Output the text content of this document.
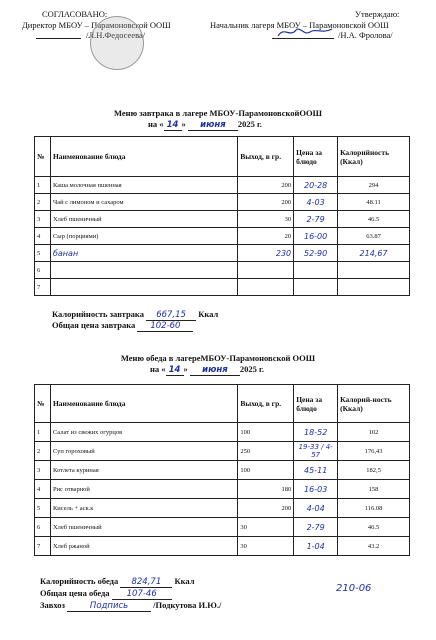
СОГЛАСОВАНО:
Директор МБОУ – Парамоновской ООШ
/Л.Н.Федосеева/
Утверждаю:
Начальник лагеря МБОУ – Парамоновской ООШ
/Н.А. Фролова/
Меню завтрака в лагере МБОУ-ПарамоновскойООШ
на « 14 » июня 2025 г.
№	Наименование блюда	Выход, в гр.	Цена за блюдо	Калорийность (Ккал)
1	Каша молочная пшенная	200	20-28	294
2	Чай с лимоном и сахаром	200	4-03	48.11
3	Хлеб пшеничный	30	2-79	46.5
4	Сыр (порциями)	20	16-00	63.87
5	банан	230	52-90	214,67
6				
7				
Калорийность завтрака 667,15 Ккал
Общая цена завтрака 102-60
Меню обеда в лагереМБОУ-Парамоновской ООШ
на « 14 » июня 2025 г.
№	Наименование блюда	Выход, в гр.	Цена за блюдо	Калорий-ность (Ккал)
1	Салат из свежих огурцов	100	18-52	102
2	Суп гороховый	250	19-33 / 4-57	176,43
3	Котлета куриная	100	45-11	182,5
4	Рис отварной	180	16-03	158
5	Кисель + аск.к	200	4-04	116.08
6	Хлеб пшеничный	30	2-79	46.5
7	Хлеб ржаной	30	1-04	43.2
Калорийность обеда 824,71 Ккал
Общая цена обеда 107-46
Завхоз	Подпись	/Подкутова И.Ю./
210-06
